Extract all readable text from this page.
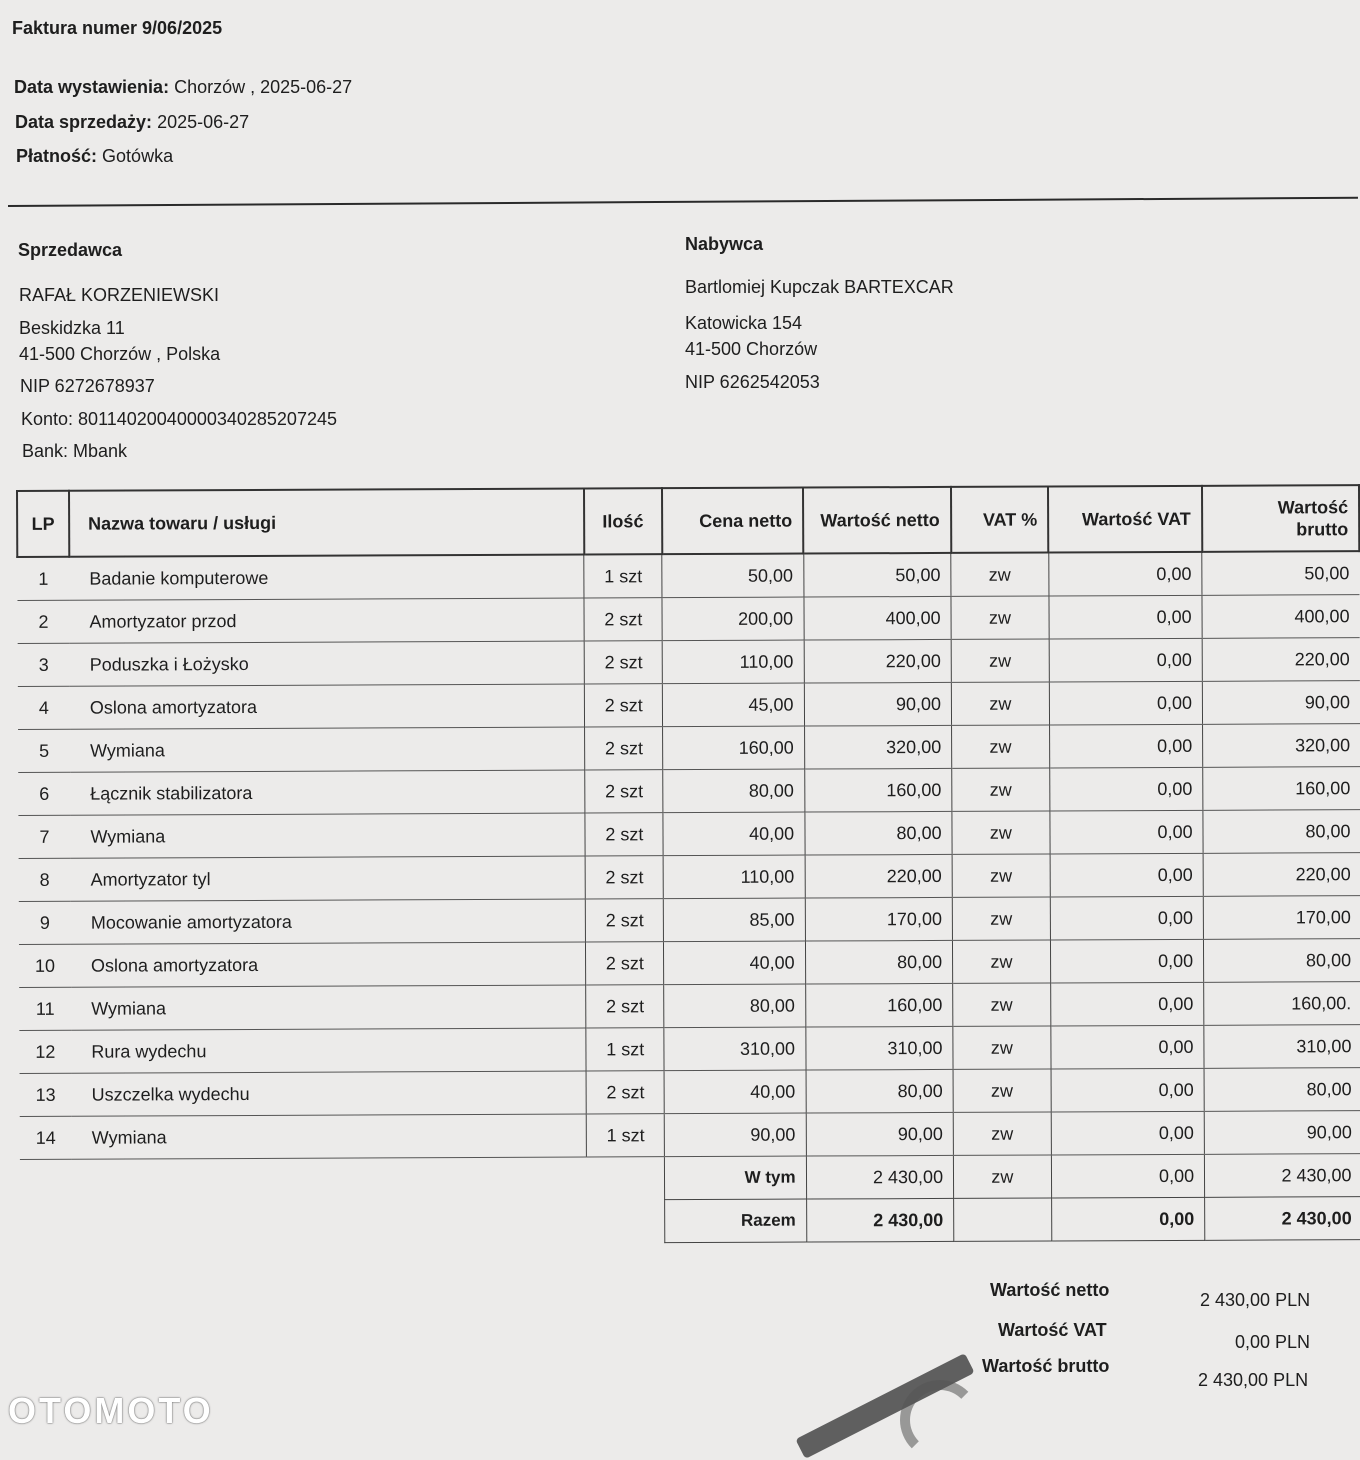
Faktura numer 9/06/2025
Data wystawienia: Chorzów , 2025-06-27
Data sprzedaży: 2025-06-27
Płatność: Gotówka
Sprzedawca
RAFAŁ KORZENIEWSKI
Beskidzka 11
41-500 Chorzów , Polska
NIP 6272678937
Konto: 80114020040000340285207245
Bank: Mbank
Nabywca
Bartlomiej Kupczak BARTEXCAR
Katowicka 154
41-500 Chorzów
NIP 6262542053
LP	Nazwa towaru / usługi	Ilość	Cena netto	Wartość netto	VAT %	Wartość VAT	Wartość
brutto
1	Badanie komputerowe	1 szt	50,00	50,00	zw	0,00	50,00
2	Amortyzator przod	2 szt	200,00	400,00	zw	0,00	400,00
3	Poduszka i Łożysko	2 szt	110,00	220,00	zw	0,00	220,00
4	Oslona amortyzatora	2 szt	45,00	90,00	zw	0,00	90,00
5	Wymiana	2 szt	160,00	320,00	zw	0,00	320,00
6	Łącznik stabilizatora	2 szt	80,00	160,00	zw	0,00	160,00
7	Wymiana	2 szt	40,00	80,00	zw	0,00	80,00
8	Amortyzator tyl	2 szt	110,00	220,00	zw	0,00	220,00
9	Mocowanie amortyzatora	2 szt	85,00	170,00	zw	0,00	170,00
10	Oslona amortyzatora	2 szt	40,00	80,00	zw	0,00	80,00
11	Wymiana	2 szt	80,00	160,00	zw	0,00	160,00.
12	Rura wydechu	1 szt	310,00	310,00	zw	0,00	310,00
13	Uszczelka wydechu	2 szt	40,00	80,00	zw	0,00	80,00
14	Wymiana	1 szt	90,00	90,00	zw	0,00	90,00
			W tym	2 430,00	zw	0,00	2 430,00
			Razem	2 430,00		0,00	2 430,00
Wartość netto	2 430,00 PLN
Wartość VAT
0,00 PLN
Wartość brutto
2 430,00 PLN
OTOMOTO
